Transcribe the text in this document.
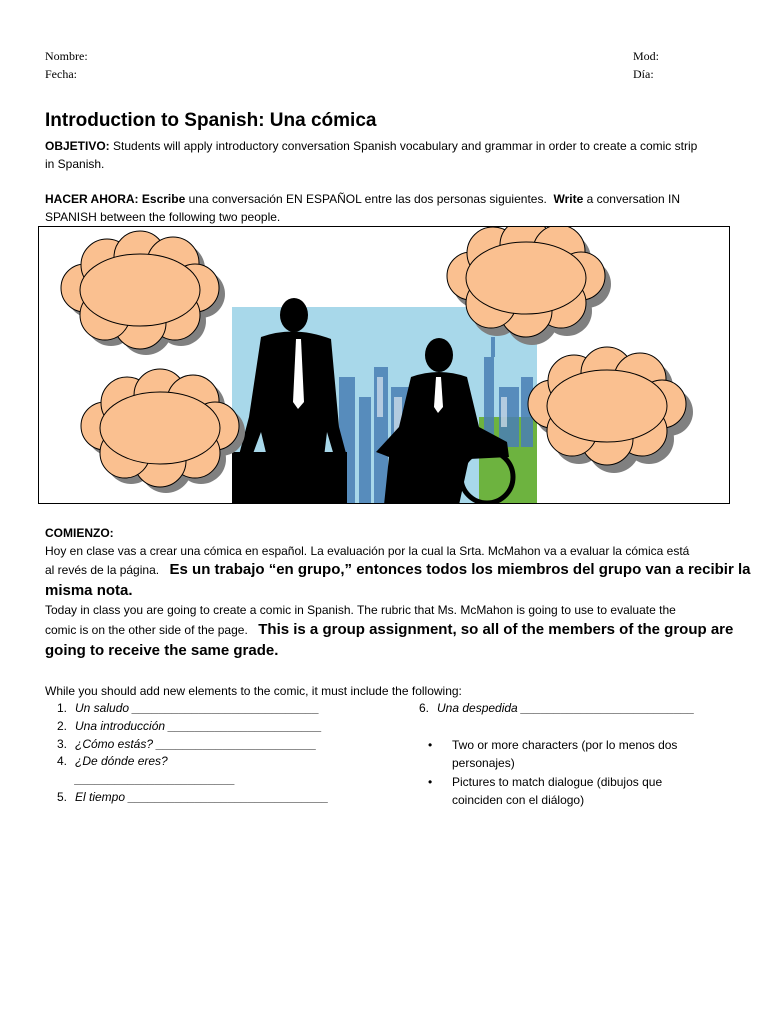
Nombre:
Fecha:
Mod:
Día:
Introduction to Spanish: Una cómica
OBJETIVO: Students will apply introductory conversation Spanish vocabulary and grammar in order to create a comic strip
in Spanish.
HACER AHORA: Escribe una conversación EN ESPAÑOL entre las dos personas siguientes. Write a conversation IN
SPANISH between the following two people.
COMIENZO:
Hoy en clase vas a crear una cómica en español. La evaluación por la cual la Srta. McMahon va a evaluar la cómica está
al revés de la página. Es un trabajo “en grupo,” entonces todos los miembros del grupo van a recibir la
misma nota.
Today in class you are going to create a comic in Spanish. The rubric that Ms. McMahon is going to use to evaluate the
comic is on the other side of the page. This is a group assignment, so all of the members of the group are
going to receive the same grade.
While you should add new elements to the comic, it must include the following:
1. Un saludo ____________________________
2. Una introducción _______________________
3. ¿Cómo estás? ________________________
4. ¿De dónde eres?
________________________
5. El tiempo ______________________________
6. Una despedida __________________________
• Two or more characters (por lo menos dos
personajes)
• Pictures to match dialogue (dibujos que
coinciden con el diálogo)
